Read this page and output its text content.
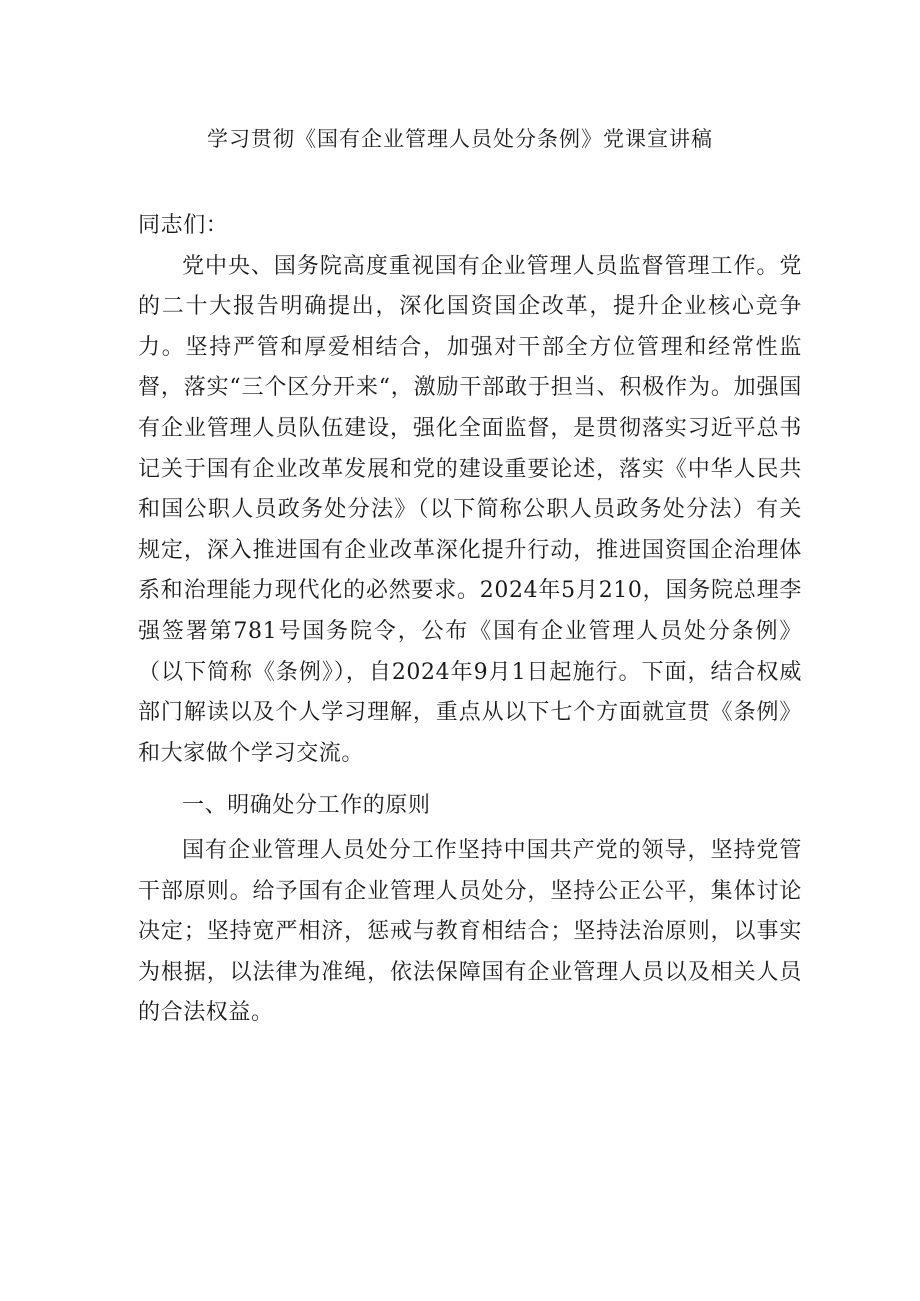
学习贯彻《国有企业管理人员处分条例》党课宣讲稿

同志们：

党中央、国务院高度重视国有企业管理人员监督管理工作。党的二十大报告明确提出，深化国资国企改革，提升企业核心竞争力。坚持严管和厚爱相结合，加强对干部全方位管理和经常性监督，落实“三个区分开来“，激励干部敢于担当、积极作为。加强国有企业管理人员队伍建设，强化全面监督，是贯彻落实习近平总书记关于国有企业改革发展和党的建设重要论述，落实《中华人民共和国公职人员政务处分法》（以下简称公职人员政务处分法）有关规定，深入推进国有企业改革深化提升行动，推进国资国企治理体系和治理能力现代化的必然要求。2024年5月210，国务院总理李强签署第781号国务院令，公布《国有企业管理人员处分条例》（以下简称《条例》），自2024年9月1日起施行。下面，结合权威部门解读以及个人学习理解，重点从以下七个方面就宣贯《条例》和大家做个学习交流。

一、明确处分工作的原则

国有企业管理人员处分工作坚持中国共产党的领导，坚持党管干部原则。给予国有企业管理人员处分，坚持公正公平，集体讨论决定；坚持宽严相济，惩戒与教育相结合；坚持法治原则，以事实为根据，以法律为准绳，依法保障国有企业管理人员以及相关人员的合法权益。
